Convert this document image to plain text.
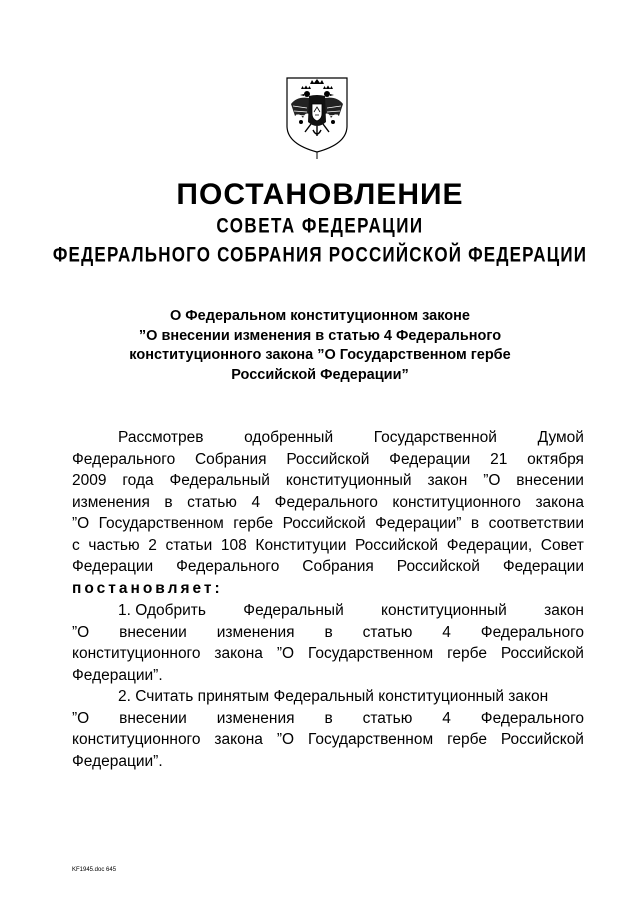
ПОСТАНОВЛЕНИЕ
СОВЕТА ФЕДЕРАЦИИ
ФЕДЕРАЛЬНОГО СОБРАНИЯ РОССИЙСКОЙ ФЕДЕРАЦИИ
О Федеральном конституционном законе
”О внесении изменения в статью 4 Федерального
конституционного закона ”О Государственном гербе
Российской Федерации”
Рассмотрев	одобренный	Государственной	Думой
Федерального Собрания Российской Федерации 21 октября
2009 года Федеральный конституционный закон ”О внесении
изменения в статью 4 Федерального конституционного закона
”О Государственном гербе Российской Федерации” в соответствии
с частью 2 статьи 108 Конституции Российской Федерации, Совет
Федерации Федерального Собрания Российской Федерации
постановляет:
1. Одобрить Федеральный конституционный закон
”О внесении изменения в статью 4 Федерального
конституционного закона ”О Государственном гербе Российской
Федерации”.
2. Считать принятым Федеральный конституционный закон
”О внесении изменения в статью 4 Федерального
конституционного закона ”О Государственном гербе Российской
Федерации”.
KF1945.doc 645
